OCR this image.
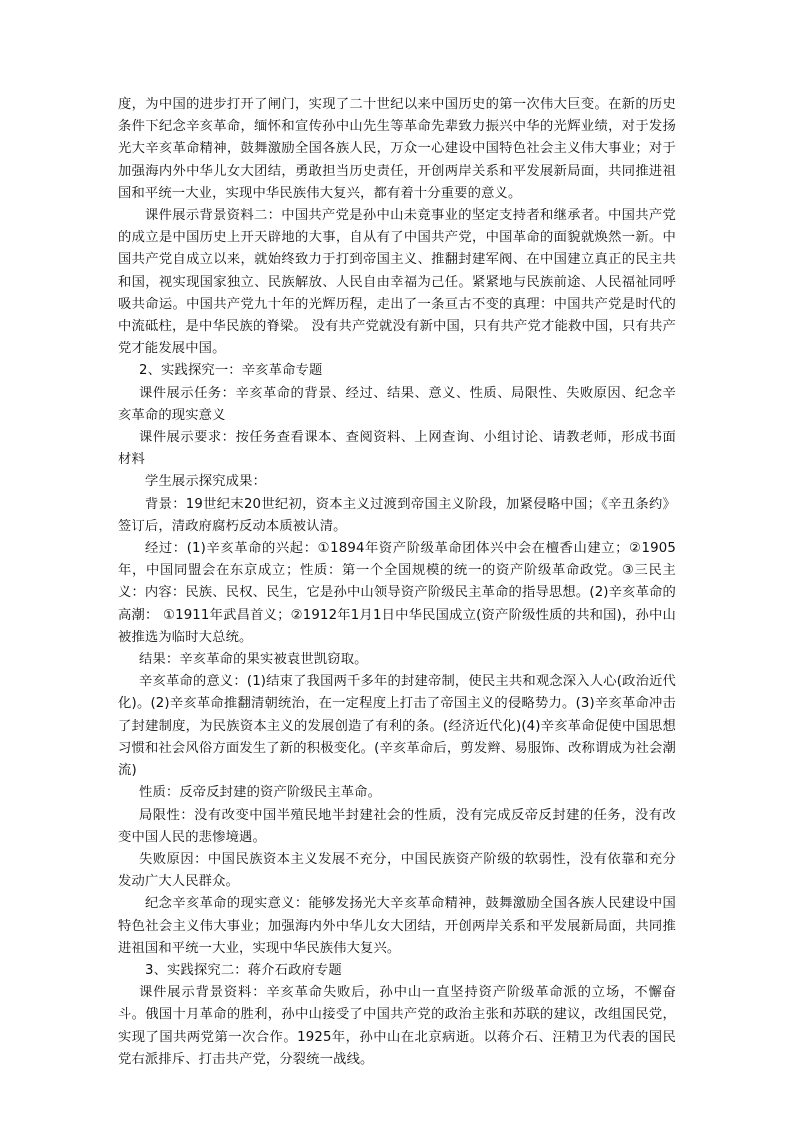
度，为中国的进步打开了闸门，实现了二十世纪以来中国历史的第一次伟大巨变。在新的历史条件下纪念辛亥革命，缅怀和宣传孙中山先生等革命先辈致力振兴中华的光辉业绩，对于发扬光大辛亥革命精神，鼓舞激励全国各族人民，万众一心建设中国特色社会主义伟大事业；对于加强海内外中华儿女大团结，勇敢担当历史责任，开创两岸关系和平发展新局面，共同推进祖国和平统一大业，实现中华民族伟大复兴，都有着十分重要的意义。

课件展示背景资料二：中国共产党是孙中山未竟事业的坚定支持者和继承者。中国共产党的成立是中国历史上开天辟地的大事，自从有了中国共产党，中国革命的面貌就焕然一新。中国共产党自成立以来，就始终致力于打到帝国主义、推翻封建军阀、在中国建立真正的民主共和国，视实现国家独立、民族解放、人民自由幸福为己任。紧紧地与民族前途、人民福祉同呼吸共命运。中国共产党九十年的光辉历程，走出了一条亘古不变的真理：中国共产党是时代的中流砥柱，是中华民族的脊梁。 没有共产党就没有新中国，只有共产党才能救中国，只有共产党才能发展中国。

2、实践探究一：辛亥革命专题

课件展示任务：辛亥革命的背景、经过、结果、意义、性质、局限性、失败原因、纪念辛亥革命的现实意义

课件展示要求：按任务查看课本、查阅资料、上网查询、小组讨论、请教老师，形成书面材料

学生展示探究成果：

背景：19世纪末20世纪初，资本主义过渡到帝国主义阶段，加紧侵略中国；《辛丑条约》签订后，清政府腐朽反动本质被认清。

经过：(1)辛亥革命的兴起：①1894年资产阶级革命团体兴中会在檀香山建立；②1905年，中国同盟会在东京成立；性质：第一个全国规模的统一的资产阶级革命政党。③三民主义：内容：民族、民权、民生，它是孙中山领导资产阶级民主革命的指导思想。(2)辛亥革命的高潮： ①1911年武昌首义；②1912年1月1日中华民国成立(资产阶级性质的共和国)，孙中山被推选为临时大总统。

结果：辛亥革命的果实被袁世凯窃取。

辛亥革命的意义：(1)结束了我国两千多年的封建帝制，使民主共和观念深入人心(政治近代化)。(2)辛亥革命推翻清朝统治，在一定程度上打击了帝国主义的侵略势力。(3)辛亥革命冲击了封建制度，为民族资本主义的发展创造了有利的条。(经济近代化)(4)辛亥革命促使中国思想习惯和社会风俗方面发生了新的积极变化。(辛亥革命后，剪发辫、易服饰、改称谓成为社会潮流)

性质：反帝反封建的资产阶级民主革命。

局限性：没有改变中国半殖民地半封建社会的性质，没有完成反帝反封建的任务，没有改变中国人民的悲惨境遇。

失败原因：中国民族资本主义发展不充分，中国民族资产阶级的软弱性，没有依靠和充分发动广大人民群众。

纪念辛亥革命的现实意义：能够发扬光大辛亥革命精神，鼓舞激励全国各族人民建设中国特色社会主义伟大事业；加强海内外中华儿女大团结，开创两岸关系和平发展新局面，共同推进祖国和平统一大业，实现中华民族伟大复兴。

3、实践探究二：蒋介石政府专题

课件展示背景资料：辛亥革命失败后，孙中山一直坚持资产阶级革命派的立场，不懈奋斗。俄国十月革命的胜利，孙中山接受了中国共产党的政治主张和苏联的建议，改组国民党，实现了国共两党第一次合作。1925年，孙中山在北京病逝。以蒋介石、汪精卫为代表的国民党右派排斥、打击共产党，分裂统一战线。
